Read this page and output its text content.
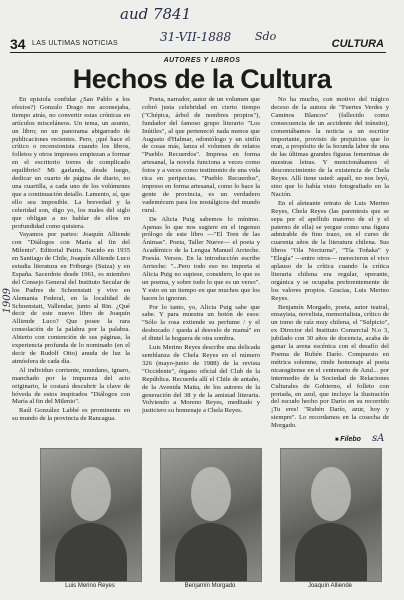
aud 7841
31-VII-1888 Sdo
34 LAS ULTIMAS NOTICIAS	CULTURA
AUTORES Y LIBROS
Hechos de la Cultura

En epistola confidar ¿San Pablo a los efesios?) Gonzalo Drago me aconsejaba, tiempo atrás, no convertir estas crónicas en artículos misceláneos. Un tema, un asunto, un libro; no un panorama abigarrado de publicaciones recientes. Pero, ¡qué hace el crítico o recensionista cuando los libros, folletos y otros impresos empiezan a formar en el escritorio torres de complicado equilibrio? Mi garlanda, desde luego, dedicar un cuarto de página de diario, no una cuartilla, a cada uno de los volúmenes que a continuación detallo. Lamento, sí, que ello sea imposible. La brevedad y la celeridad son, digo yo, los males del siglo que obligan a no hablar de ellos en profundidad como quisiera.

Vayamos por partes: Joaquín Alliende con "Diálogos con María al fin del Milenio". Editorial Patris. Nacido en 1935 en Santiago de Chile, Joaquín Alliende Luco estudia literatura en Friburgo (Suiza) y en España. Sacerdote desde 1961, es miembro del Consejo General del Instituto Secular de los Padres de Schoenstatt y vive en Alemania Federal, en la localidad de Schoenstatt, Vallendar, junto al Rin. ¿Qué decir de este nuevo libro de Joaquín Alliende Luco? Que posee la rara consolación de la palabra por la palabra. Abierto con contención de sus páginas, la experiencia profunda de lo nominado (en el decir de Rudolf Otto) anuda de luz la atmósfera de cada día.

Al individuo corriente, mundano, ignaro, manchado por la impureza del acto originario, le costará descubrir la clave de bóveda de estos inspirados "Diálogos con María al fin del Milenio".

Raúl González Labbé es prominente en su mundo de la provincia de Rancagua.

Poeta, narrador, autor de un volumen que cobró justa celebridad en cierto tiempo ("Chépica, árbol de nombres propios"), fundador del famoso grupo literario "Los Inútiles", al que perteneció nada menos que Augusto d'Halmar, odontólogo y un sinfín de cosas más, lanza el volumen de relatos "Pueblo Recuerdos". Impresa en forma artesanal, la novela funciona a veces como fotos y a veces como testimonio de una vida rica en peripecias. "Pueblo Recuerdos", impreso en forma artesanal, como lo hace la gente de provincia, es un verdadero vademécum para los nostálgicos del mundo rural.

De Alicia Puig sabemos lo mínimo. Apenas lo que nos sugiere en el ingenuo prólogo de este libro —"El Tren de las Ánimas". Poeta, Taller Nueve— el poeta y Académico de la Lengua Manuel Arrieche. Poesía. Versos. En la introducción escribe Arrieche: "...Pero todo eso no importa si Alicia Puig no supiese, considero, lo que es un poema, y sobre todo lo que es un verso". Y esto en un tiempo en que muchos que los hacen lo ignoran.

Por lo tanto, yo, Alicia Puig sabe que sabe. Y para muestra un botón de esos: "Sólo la rosa extiende su perfume / y el desbocado / queda al desvelo de mamá" en el dintel la hoguera de otra sombra.

Luis Merino Reyes describe una delicada semblanza de Chela Reyes en el número 326 (mayo-junio de 1988) de la revista "Occidente", órgano oficial del Club de la República. Recuerda allí el Chile de antaño, de la Avenida Matta, de los autores de la generación del 38 y de la amistad literaria. Volviendo a Moreno Reyes, meditado y justiciero su homenaje a Chela Reyes.

No ha mucho, con motivo del trágico deceso de la autora de "Fuertes Verdes y Caminos Blancos" (fallecido como consecuencia de un accidente del tránsito), comentábamos la noticia a un escritor importante, provisto de prejuicios que lo eran, a propósito de la fecunda labor de una de las últimas grandes figuras femeninas de nuestras letras. Y mencionábamos el desconocimiento de la existencia de Chela Reyes. Allí tiene usted: aquél, no nos leyó, sino que lo había visto fotografiado en la Nación.

En el aleteante retrato de Luis Merino Reyes, Chela Reyes (las parentesis que se sepa por el apellido materno de el y el paterno de ella) se yergue como una figura admirable de fino trazo, en el curso de cuarenta años de la literatura chilena. Sus libros "Ola Nocturna", "Tía Toñaka" y "Elegía" —entre otros— merecieron el vivo aplauso de la crítica cuando la crítica literaria chilena era regular, operante, orgánica y se ocupaba preferentemente de los valores propios. Gracias, Luis Merino Reyes.

Benjamín Morgado, poeta, autor teatral, ensayista, novelista, memorialista, crítico de un tomo de raíz muy chilena, el "Sulpicio", ex Director del Instituto Comercial N.o 3, jubilado con 30 años de docencia, acaba de ganar la arena escénica con el desafío del Poema de Rubén Darío. Compuesto en métrica solemne, rinde homenaje al poeta nicaragüense en el centenario de Azul... por intermedio de la Sociedad de Relaciones Culturales de Gobierno, el folleto con portada, en azul, que incluye la ilustración del escudo hecho por Darío en su recorrido ¡Tu eres! "Rubén Darío, azur, hoy y siempre". Lo recordamos en la cosecha de Morgado.

1909
■ Filebo sA
Luis Merino Reyes	Benjamín Morgado	Joaquín Alliende
